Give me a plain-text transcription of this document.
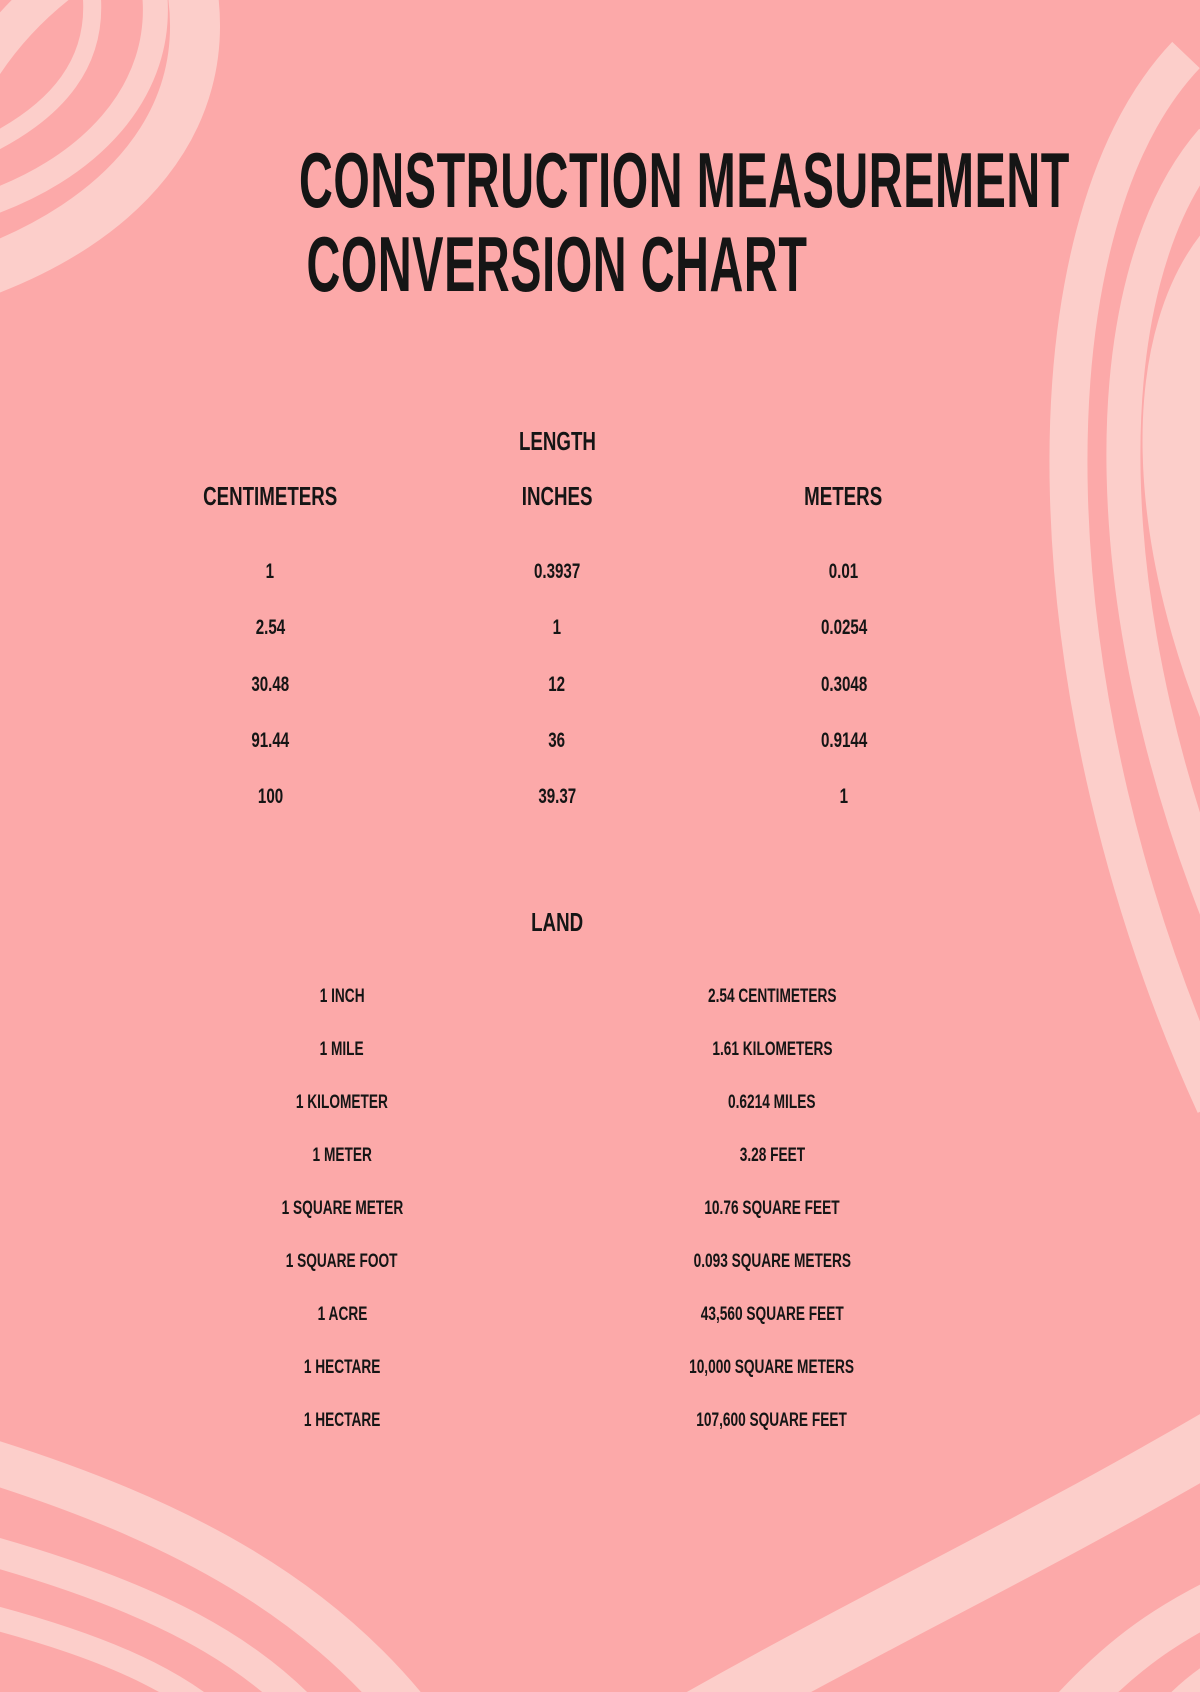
CONSTRUCTION MEASUREMENT
CONVERSION CHART
LENGTH
CENTIMETERS	INCHES	METERS
1	0.3937	0.01
2.54	1	0.0254
30.48	12	0.3048
91.44	36	0.9144
100	39.37	1
LAND
1 INCH	2.54 CENTIMETERS
1 MILE	1.61 KILOMETERS
1 KILOMETER	0.6214 MILES
1 METER	3.28 FEET
1 SQUARE METER	10.76 SQUARE FEET
1 SQUARE FOOT	0.093 SQUARE METERS
1 ACRE	43,560 SQUARE FEET
1 HECTARE	10,000 SQUARE METERS
1 HECTARE	107,600 SQUARE FEET
